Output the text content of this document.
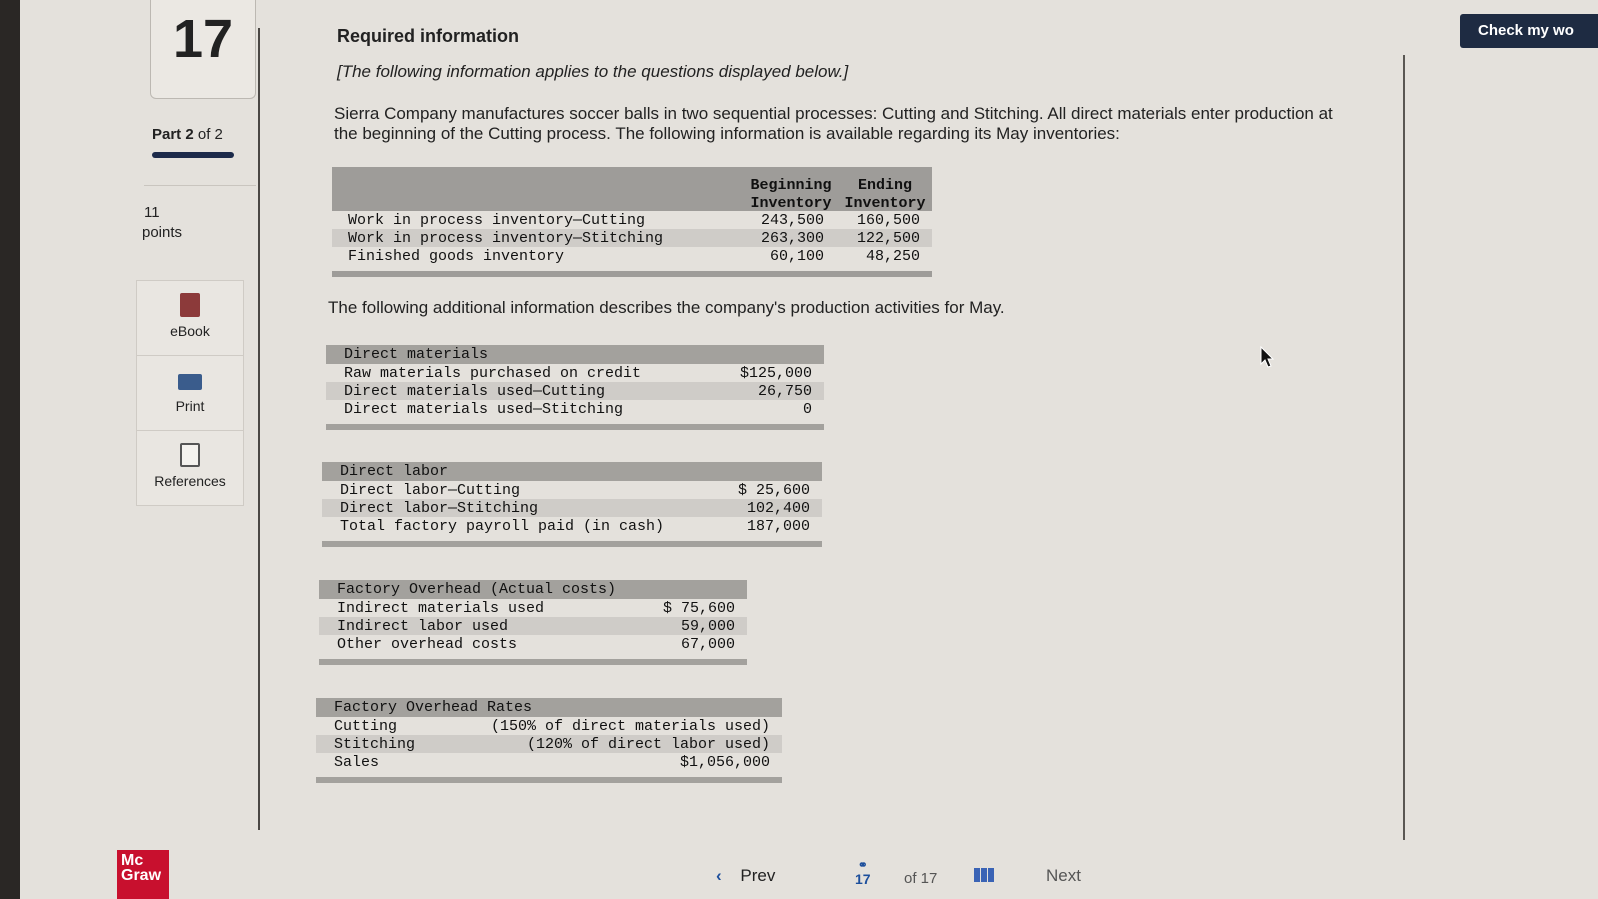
17
Part 2 of 2
11
points
eBook
Print
References
Check my wo
Required information
[The following information applies to the questions displayed below.]
Sierra Company manufactures soccer balls in two sequential processes: Cutting and Stitching. All direct materials enter production at the beginning of the Cutting process. The following information is available regarding its May inventories:
Beginning
Inventory
Ending
Inventory
Work in process inventory—Cutting	243,500 160,500
Work in process inventory—Stitching	263,300 122,500
Finished goods inventory	60,100	48,250
The following additional information describes the company's production activities for May.
Direct materials
Raw materials purchased on credit	$125,000
Direct materials used—Cutting	26,750
Direct materials used—Stitching	0
Direct labor
Direct labor—Cutting	$ 25,600
Direct labor—Stitching	102,400
Total factory payroll paid (in cash)	187,000
Factory Overhead (Actual costs)
Indirect materials used	$ 75,600
Indirect labor used	59,000
Other overhead costs	67,000
Factory Overhead Rates
Cutting	(150% of direct materials used)
Stitching	(120% of direct labor used)
Sales	$1,056,000
Mc
Graw	‹ Prev
⚭
17 of 17	Next
